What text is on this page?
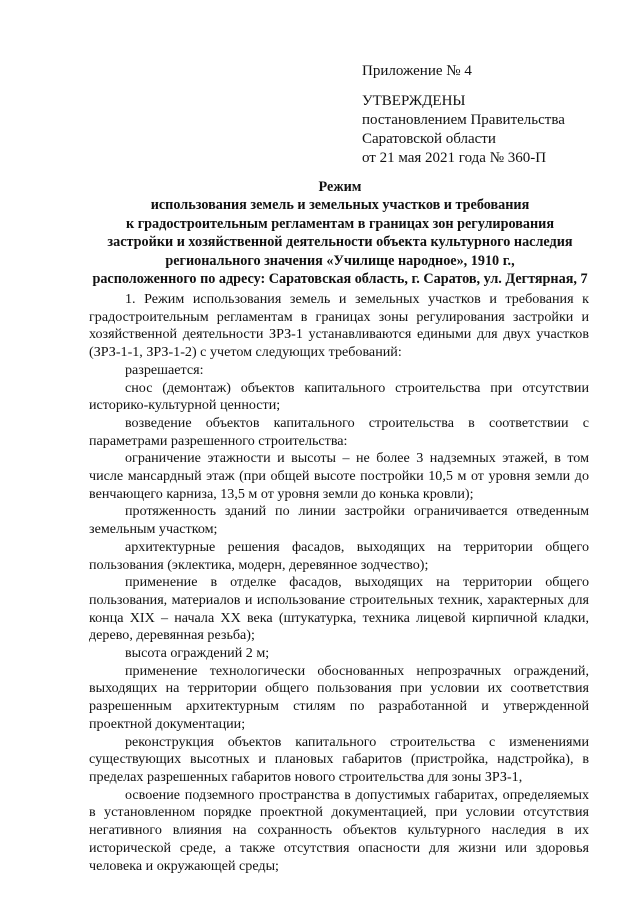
Приложение № 4
УТВЕРЖДЕНЫ
постановлением Правительства
Саратовской области
от 21 мая 2021 года № 360-П
Режим
использования земель и земельных участков и требования
к градостроительным регламентам в границах зон регулирования
застройки и хозяйственной деятельности объекта культурного наследия
регионального значения «Училище народное», 1910 г.,
расположенного по адресу: Саратовская область, г. Саратов, ул. Дегтярная, 7

1. Режим использования земель и земельных участков и требования к градостроительным регламентам в границах зоны регулирования застройки и хозяйственной деятельности ЗРЗ-1 устанавливаются едиными для двух участков (ЗРЗ-1-1, ЗРЗ-1-2) с учетом следующих требований:

разрешается:

снос (демонтаж) объектов капитального строительства при отсутствии историко-культурной ценности;

возведение объектов капитального строительства в соответствии с параметрами разрешенного строительства:

ограничение этажности и высоты – не более 3 надземных этажей, в том числе мансардный этаж (при общей высоте постройки 10,5 м от уровня земли до венчающего карниза, 13,5 м от уровня земли до конька кровли);

протяженность зданий по линии застройки ограничивается отведенным земельным участком;

архитектурные решения фасадов, выходящих на территории общего пользования (эклектика, модерн, деревянное зодчество);

применение в отделке фасадов, выходящих на территории общего пользования, материалов и использование строительных техник, характерных для конца XIX – начала XX века (штукатурка, техника лицевой кирпичной кладки, дерево, деревянная резьба);

высота ограждений 2 м;

применение технологически обоснованных непрозрачных ограждений, выходящих на территории общего пользования при условии их соответствия разрешенным архитектурным стилям по разработанной и утвержденной проектной документации;

реконструкция объектов капитального строительства с изменениями существующих высотных и плановых габаритов (пристройка, надстройка), в пределах разрешенных габаритов нового строительства для зоны ЗРЗ-1,

освоение подземного пространства в допустимых габаритах, определяемых в установленном порядке проектной документацией, при условии отсутствия негативного влияния на сохранность объектов культурного наследия в их исторической среде, а также отсутствия опасности для жизни или здоровья человека и окружающей среды;
